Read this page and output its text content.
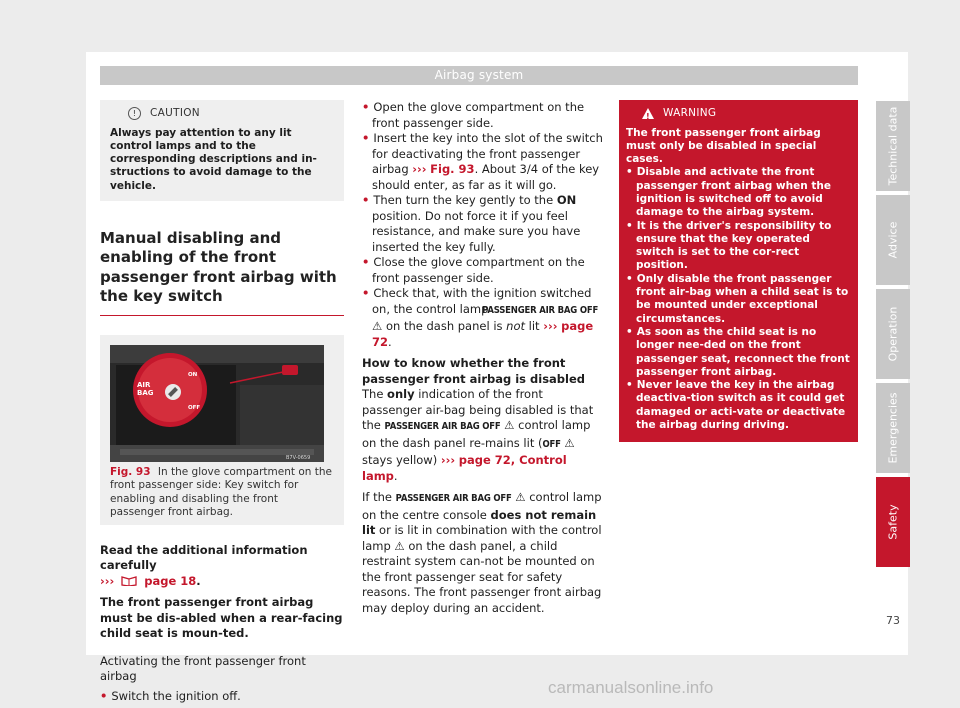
Airbag system
!	CAUTION
Always pay attention to any lit control lamps and to the corresponding descriptions and in-structions to avoid damage to the vehicle.
Manual disabling and enabling of the front passenger front airbag with the key switch
AIR
BAG
ON
OFF
B7V-0659
Fig. 93 In the glove compartment on the front passenger side: Key switch for enabling and disabling the front passenger front airbag.

Read the additional information carefully
›››	page 18.

The front passenger front airbag must be dis-abled when a rear-facing child seat is moun-ted.

Activating the front passenger front airbag

• Switch the ignition off.

• Open the glove compartment on the front passenger side.

• Insert the key into the slot of the switch for deactivating the front passenger airbag ››› Fig. 93. About 3/4 of the key should enter, as far as it will go.

• Then turn the key gently to the ON position. Do not force it if you feel resistance, and make sure you have inserted the key fully.

• Close the glove compartment on the front passenger side.

• Check that, with the ignition switched on, the control lamp PASSENGER AIR BAG OFF ⚠ on the dash panel is not lit ››› page 72.

How to know whether the front passenger front airbag is disabled

The only indication of the front passenger air-bag being disabled is that the PASSENGER AIR BAG OFF ⚠ control lamp on the dash panel re-mains lit (OFF ⚠ stays yellow) ››› page 72, Control lamp.

If the PASSENGER AIR BAG OFF ⚠ control lamp on the centre console does not remain lit or is lit in combination with the control lamp ⚠ on the dash panel, a child restraint system can-not be mounted on the front passenger seat for safety reasons. The front passenger front airbag may deploy during an accident.

!
WARNING

The front passenger front airbag must only be disabled in special cases.

• Disable and activate the front passenger front airbag when the ignition is switched off to avoid damage to the airbag system.

• It is the driver's responsibility to ensure that the key operated switch is set to the cor-rect position.

• Only disable the front passenger front air-bag when a child seat is to be mounted under exceptional circumstances.

• As soon as the child seat is no longer nee-ded on the front passenger seat, reconnect the front passenger front airbag.

• Never leave the key in the airbag deactiva-tion switch as it could get damaged or acti-vate or deactivate the airbag during driving.

Technical data
Advice
Operation
Emergencies
Safety
73
carmanualsonline.info
